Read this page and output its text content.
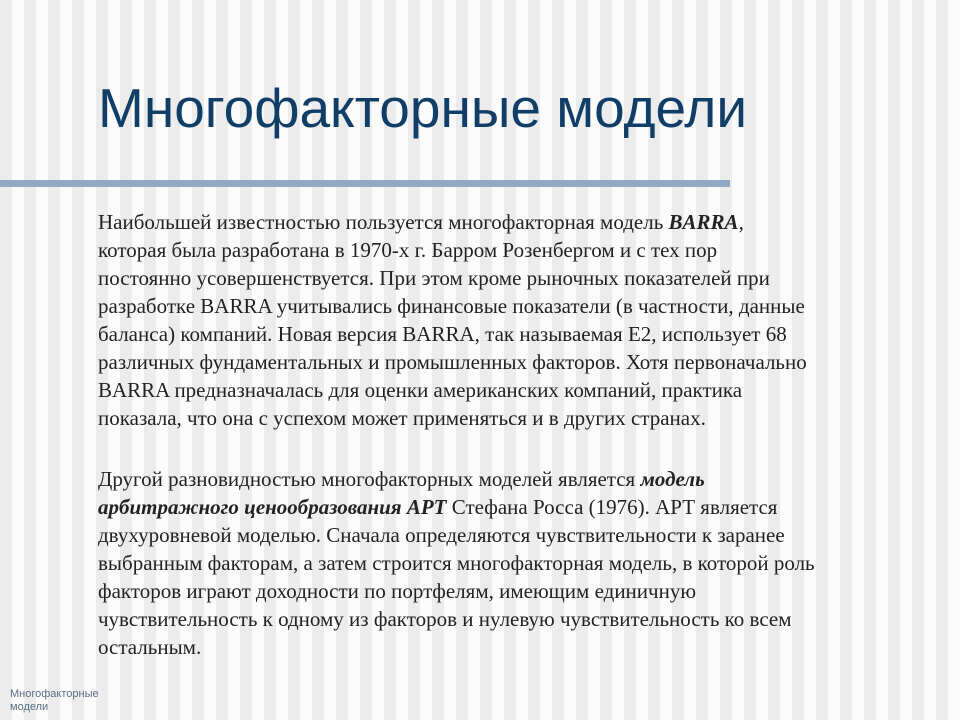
Многофакторные модели

Наибольшей известностью пользуется многофакторная модель BARRA,
которая была разработана в 1970-х г. Барром Розенбергом и с тех пор
постоянно усовершенствуется. При этом кроме рыночных показателей при
разработке BARRA учитывались финансовые показатели (в частности, данные
баланса) компаний. Новая версия BARRA, так называемая E2, использует 68
различных фундаментальных и промышленных факторов. Хотя первоначально
BARRA предназначалась для оценки американских компаний, практика
показала, что она с успехом может применяться и в других странах.

Другой разновидностью многофакторных моделей является модель
арбитражного ценообразования АРТ Стефана Росса (1976). АРТ является
двухуровневой моделью. Сначала определяются чувствительности к заранее
выбранным факторам, а затем строится многофакторная модель, в которой роль
факторов играют доходности по портфелям, имеющим единичную
чувствительность к одному из факторов и нулевую чувствительность ко всем
остальным.

Многофакторные модели
